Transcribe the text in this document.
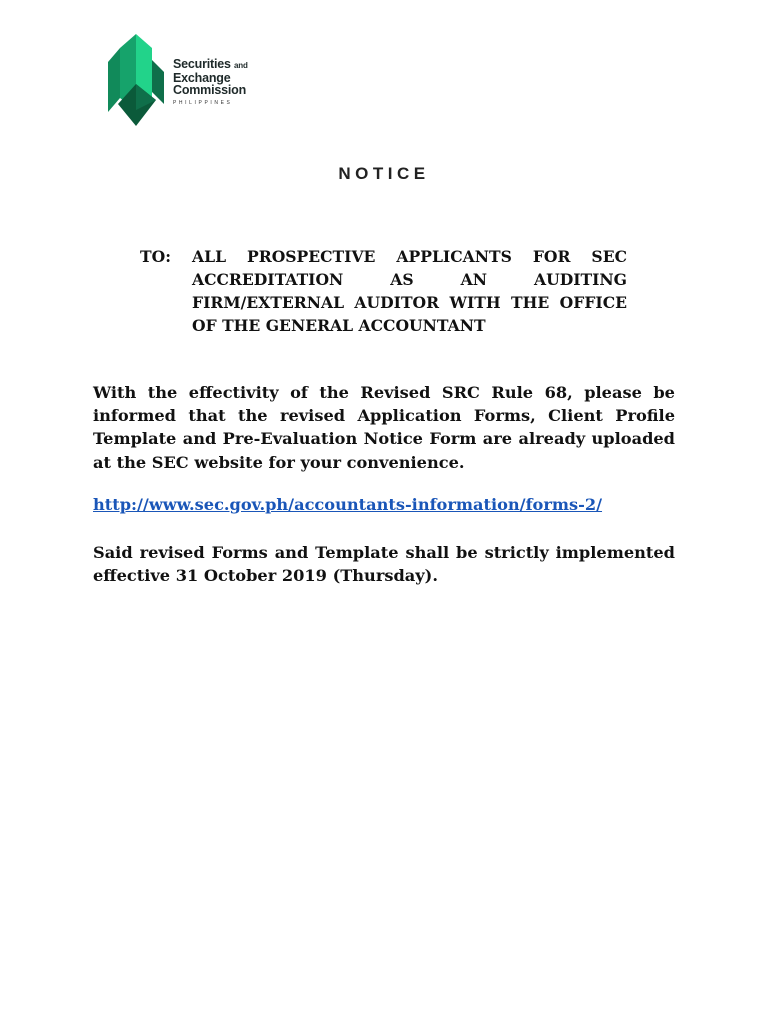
Securities and
Exchange
Commission
PHILIPPINES
NOTICE
TO: ALL PROSPECTIVE APPLICANTS FOR SEC ACCREDITATION AS AN AUDITING FIRM/EXTERNAL AUDITOR WITH THE OFFICE OF THE GENERAL ACCOUNTANT
With the effectivity of the Revised SRC Rule 68, please be informed that the revised Application Forms, Client Profile Template and Pre-Evaluation Notice Form are already uploaded at the SEC website for your convenience.
http://www.sec.gov.ph/accountants-information/forms-2/
Said revised Forms and Template shall be strictly implemented effective 31 October 2019 (Thursday).
